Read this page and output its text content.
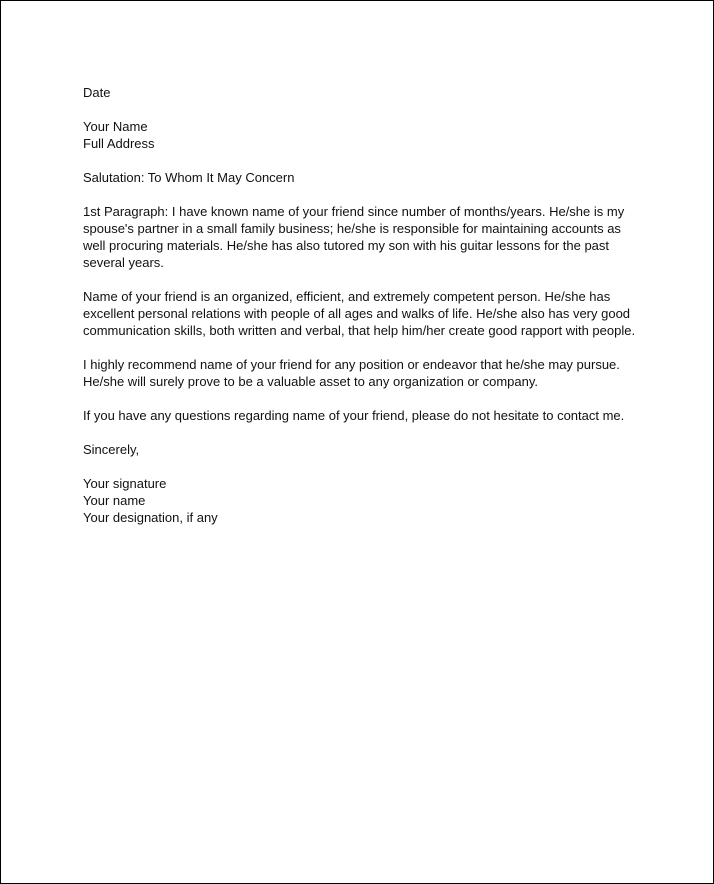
Date
Your Name
Full Address
Salutation: To Whom It May Concern
1st Paragraph: I have known name of your friend since number of months/years. He/she is my
spouse's partner in a small family business; he/she is responsible for maintaining accounts as
well procuring materials. He/she has also tutored my son with his guitar lessons for the past
several years.
Name of your friend is an organized, efficient, and extremely competent person. He/she has
excellent personal relations with people of all ages and walks of life. He/she also has very good
communication skills, both written and verbal, that help him/her create good rapport with people.
I highly recommend name of your friend for any position or endeavor that he/she may pursue.
He/she will surely prove to be a valuable asset to any organization or company.
If you have any questions regarding name of your friend, please do not hesitate to contact me.
Sincerely,
Your signature
Your name
Your designation, if any
